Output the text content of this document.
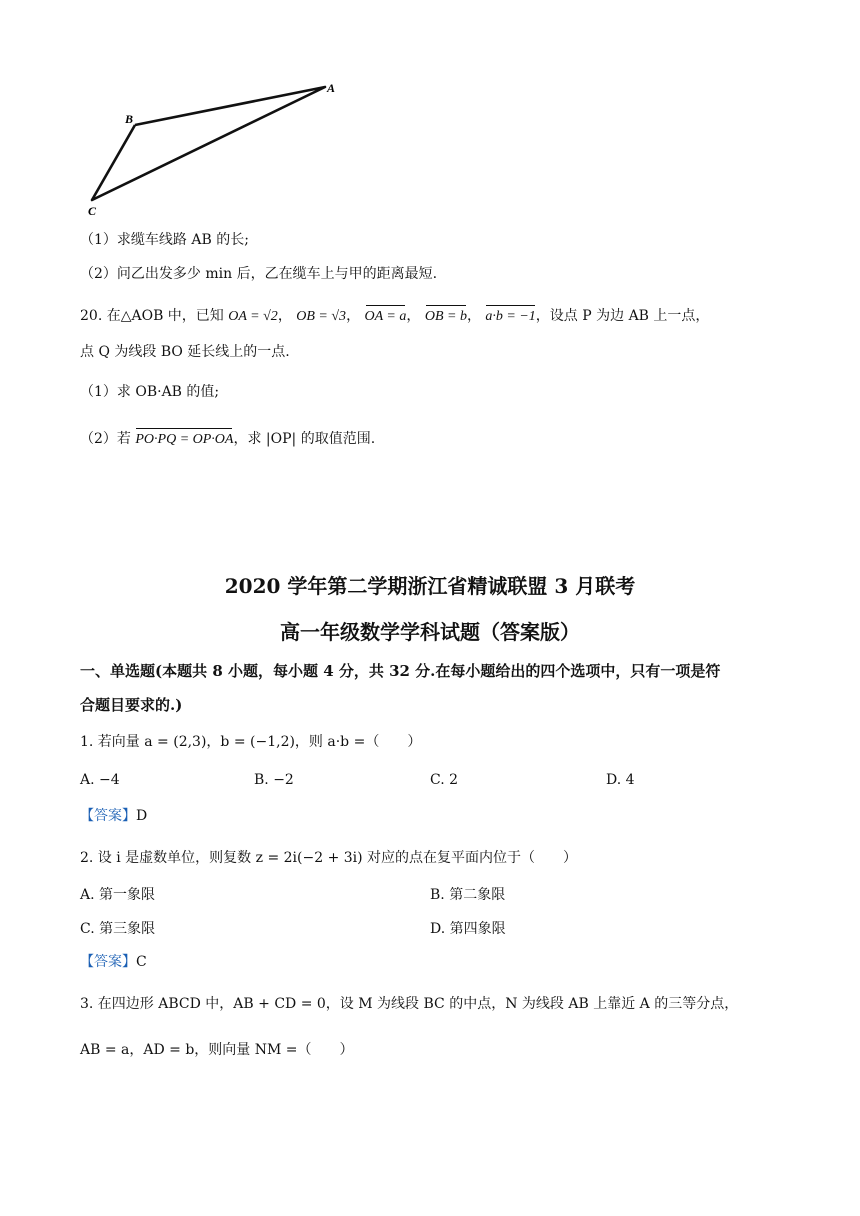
A
B
C
（1）求缆车线路 AB 的长;
（2）问乙出发多少 min 后，乙在缆车上与甲的距离最短.
20. 在△AOB 中，已知 OA = √2， OB = √3， OA = a， OB = b， a·b = −1，设点 P 为边 AB 上一点，
点 Q 为线段 BO 延长线上的一点.
（1）求 OB·AB 的值;
（2）若 PO·PQ = OP·OA，求 |OP| 的取值范围.
2020 学年第二学期浙江省精诚联盟 3 月联考
高一年级数学学科试题（答案版）
一、单选题(本题共 8 小题，每小题 4 分，共 32 分.在每小题给出的四个选项中，只有一项是符
合题目要求的.)
1. 若向量 a = (2,3)，b = (−1,2)，则 a·b =（　　）
A. −4	B. −2	C. 2	D. 4
【答案】D
2. 设 i 是虚数单位，则复数 z = 2i(−2 + 3i) 对应的点在复平面内位于（　　）
A. 第一象限	B. 第二象限
C. 第三象限	D. 第四象限
【答案】C
3. 在四边形 ABCD 中，AB + CD = 0，设 M 为线段 BC 的中点，N 为线段 AB 上靠近 A 的三等分点，
AB = a，AD = b，则向量 NM =（　　）
